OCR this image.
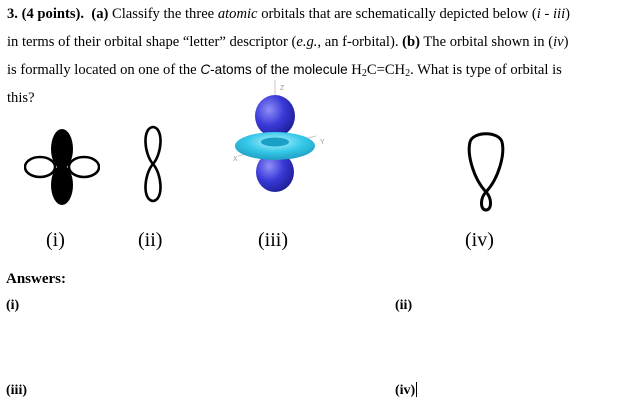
3. (4 points). (a) Classify the three atomic orbitals that are schematically depicted below (i - iii)
in terms of their orbital shape “letter” descriptor (e.g., an f-orbital). (b) The orbital shown in (iv)
is formally located on one of the C-atoms of the molecule $H_2C=CH_2$. What is type of orbital is
this?
Z
X
Y
(i)	(ii)	(iii)	(iv)
Answers:
(i)	(ii)
(iii)	(iv)
